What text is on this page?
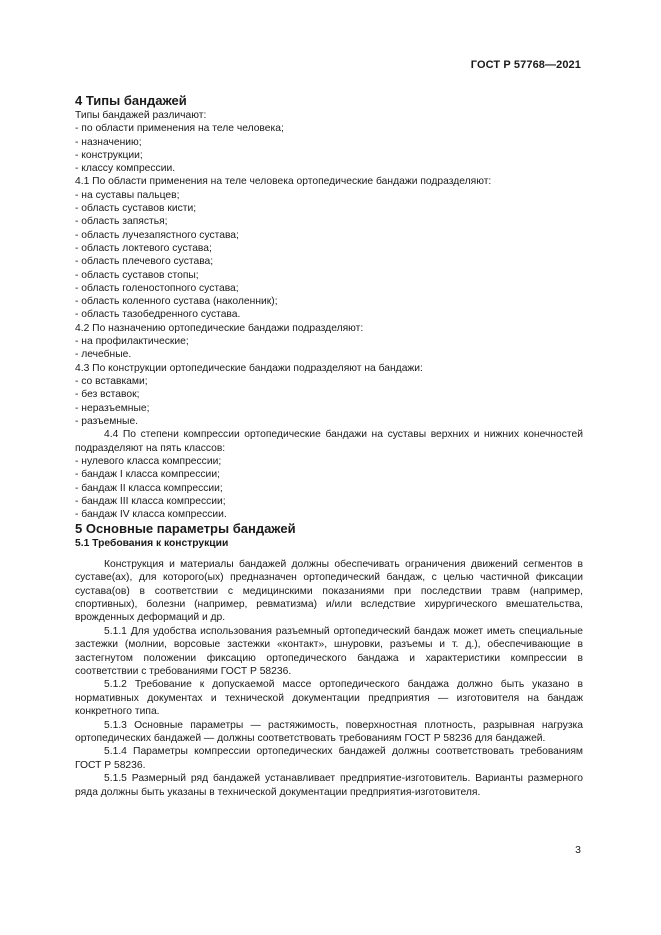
ГОСТ Р 57768—2021
4 Типы бандажей

Типы бандажей различают:

- по области применения на теле человека;

- назначению;

- конструкции;

- классу компрессии.

4.1 По области применения на теле человека ортопедические бандажи подразделяют:

- на суставы пальцев;

- область суставов кисти;

- область запястья;

- область лучезапястного сустава;

- область локтевого сустава;

- область плечевого сустава;

- область суставов стопы;

- область голеностопного сустава;

- область коленного сустава (наколенник);

- область тазобедренного сустава.

4.2 По назначению ортопедические бандажи подразделяют:

- на профилактические;

- лечебные.

4.3 По конструкции ортопедические бандажи подразделяют на бандажи:

- со вставками;

- без вставок;

- неразъемные;

- разъемные.

4.4 По степени компрессии ортопедические бандажи на суставы верхних и нижних конечностей подразделяют на пять классов:

- нулевого класса компрессии;

- бандаж I класса компрессии;

- бандаж II класса компрессии;

- бандаж III класса компрессии;

- бандаж IV класса компрессии.

5 Основные параметры бандажей

5.1 Требования к конструкции

Конструкция и материалы бандажей должны обеспечивать ограничения движений сегментов в суставе(ах), для которого(ых) предназначен ортопедический бандаж, с целью частичной фиксации сустава(ов) в соответствии с медицинскими показаниями при последствии травм (например, спортивных), болезни (например, ревматизма) и/или вследствие хирургического вмешательства, врожденных деформаций и др.

5.1.1 Для удобства использования разъемный ортопедический бандаж может иметь специальные застежки (молнии, ворсовые застежки «контакт», шнуровки, разъемы и т. д.), обеспечивающие в застегнутом положении фиксацию ортопедического бандажа и характеристики компрессии в соответствии с требованиями ГОСТ Р 58236.

5.1.2 Требование к допускаемой массе ортопедического бандажа должно быть указано в нормативных документах и технической документации предприятия — изготовителя на бандаж конкретного типа.

5.1.3 Основные параметры — растяжимость, поверхностная плотность, разрывная нагрузка ортопедических бандажей — должны соответствовать требованиям ГОСТ Р 58236 для бандажей.

5.1.4 Параметры компрессии ортопедических бандажей должны соответствовать требованиям ГОСТ Р 58236.

5.1.5 Размерный ряд бандажей устанавливает предприятие-изготовитель. Варианты размерного ряда должны быть указаны в технической документации предприятия-изготовителя.

3
